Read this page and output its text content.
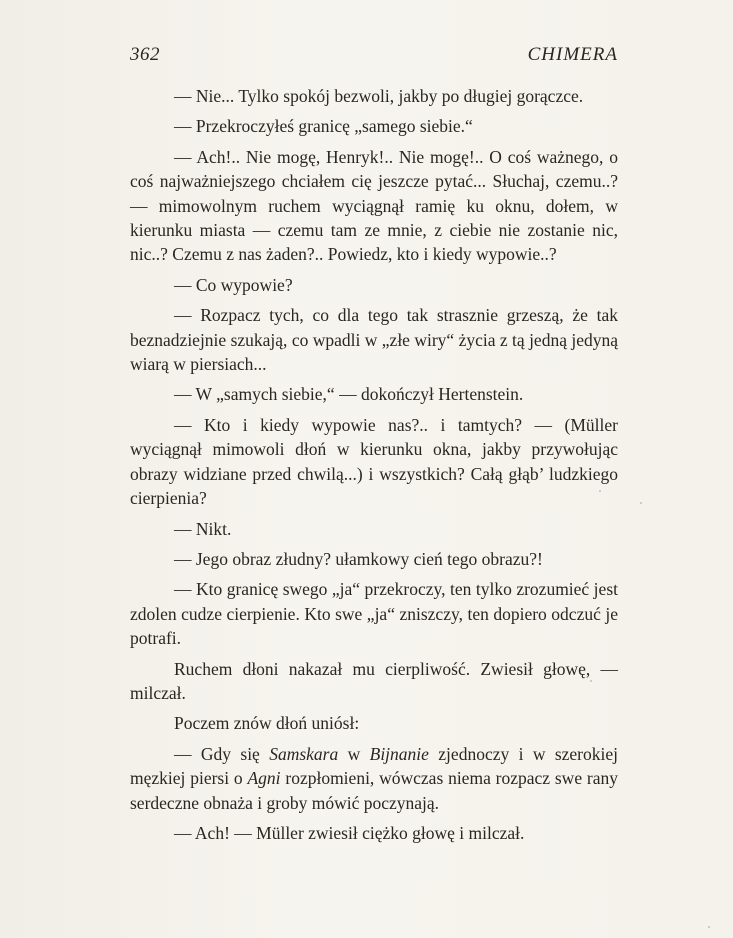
362	CHIMERA

— Nie... Tylko spokój bezwoli, jakby po długiej gorączce.

— Przekroczyłeś granicę „samego siebie.“

— Ach!.. Nie mogę, Henryk!.. Nie mogę!.. O coś ważnego, o coś najważniejszego chciałem cię jeszcze pytać... Słuchaj, czemu..? — mimowolnym ruchem wyciągnął ramię ku oknu, dołem, w kierunku miasta — czemu tam ze mnie, z ciebie nie zostanie nic, nic..? Czemu z nas żaden?.. Powiedz, kto i kiedy wypowie..?

— Co wypowie?

— Rozpacz tych, co dla tego tak strasznie grzeszą, że tak beznadziejnie szukają, co wpadli w „złe wiry“ życia z tą jedną jedyną wiarą w piersiach...

— W „samych siebie,“ — dokończył Hertenstein.

— Kto i kiedy wypowie nas?.. i tamtych? — (Müller wyciągnął mimowoli dłoń w kierunku okna, jakby przywołując obrazy widziane przed chwilą...) i wszystkich? Całą głąb’ ludzkiego cierpienia?

— Nikt.

— Jego obraz złudny? ułamkowy cień tego obrazu?!

— Kto granicę swego „ja“ przekroczy, ten tylko zrozumieć jest zdolen cudze cierpienie. Kto swe „ja“ zniszczy, ten dopiero odczuć je potrafi.

Ruchem dłoni nakazał mu cierpliwość. Zwiesił głowę, — milczał.

Poczem znów dłoń uniósł:

— Gdy się Samskara w Bijnanie zjednoczy i w szerokiej męzkiej piersi o Agni rozpłomieni, wówczas niema rozpacz swe rany serdeczne obnaża i groby mówić poczynają.

— Ach! — Müller zwiesił ciężko głowę i milczał.
